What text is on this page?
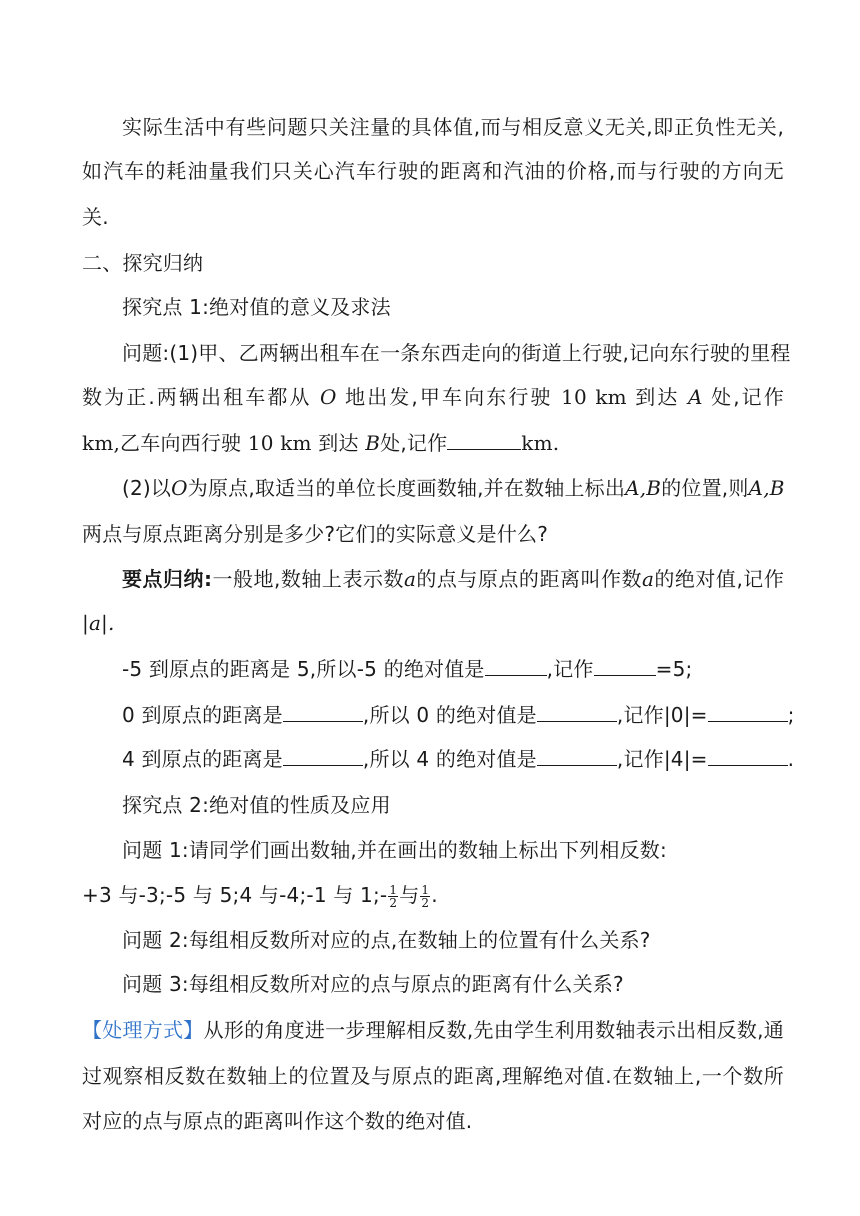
实际生活中有些问题只关注量的具体值,而与相反意义无关,即正负性无关,
如汽车的耗油量我们只关心汽车行驶的距离和汽油的价格,而与行驶的方向无
关.
二、探究归纳
探究点 1:绝对值的意义及求法
问题:(1)甲、乙两辆出租车在一条东西走向的街道上行驶,记向东行驶的里程
数为正.两辆出租车都从 O 地出发,甲车向东行驶 10 km 到达 A 处,记作
km,乙车向西行驶 10 km 到达 B处,记作	km.
(2)以O为原点,取适当的单位长度画数轴,并在数轴上标出A,B的位置,则A,B
两点与原点距离分别是多少?它们的实际意义是什么?
要点归纳:一般地,数轴上表示数a的点与原点的距离叫作数a的绝对值,记作
|a|.
-5 到原点的距离是 5,所以-5 的绝对值是	,记作	=5;
0 到原点的距离是	,所以 0 的绝对值是	,记作|0|=	;
4 到原点的距离是	,所以 4 的绝对值是	,记作|4|=	.
探究点 2:绝对值的性质及应用
问题 1:请同学们画出数轴,并在画出的数轴上标出下列相反数:
+3 与-3;-5 与 5;4 与-4;-1 与 1;- $\frac{1}{2}$ 与 $\frac{1}{2}$ .
问题 2:每组相反数所对应的点,在数轴上的位置有什么关系?
问题 3:每组相反数所对应的点与原点的距离有什么关系?
【处理方式】从形的角度进一步理解相反数,先由学生利用数轴表示出相反数,通
过观察相反数在数轴上的位置及与原点的距离,理解绝对值.在数轴上,一个数所
对应的点与原点的距离叫作这个数的绝对值.
